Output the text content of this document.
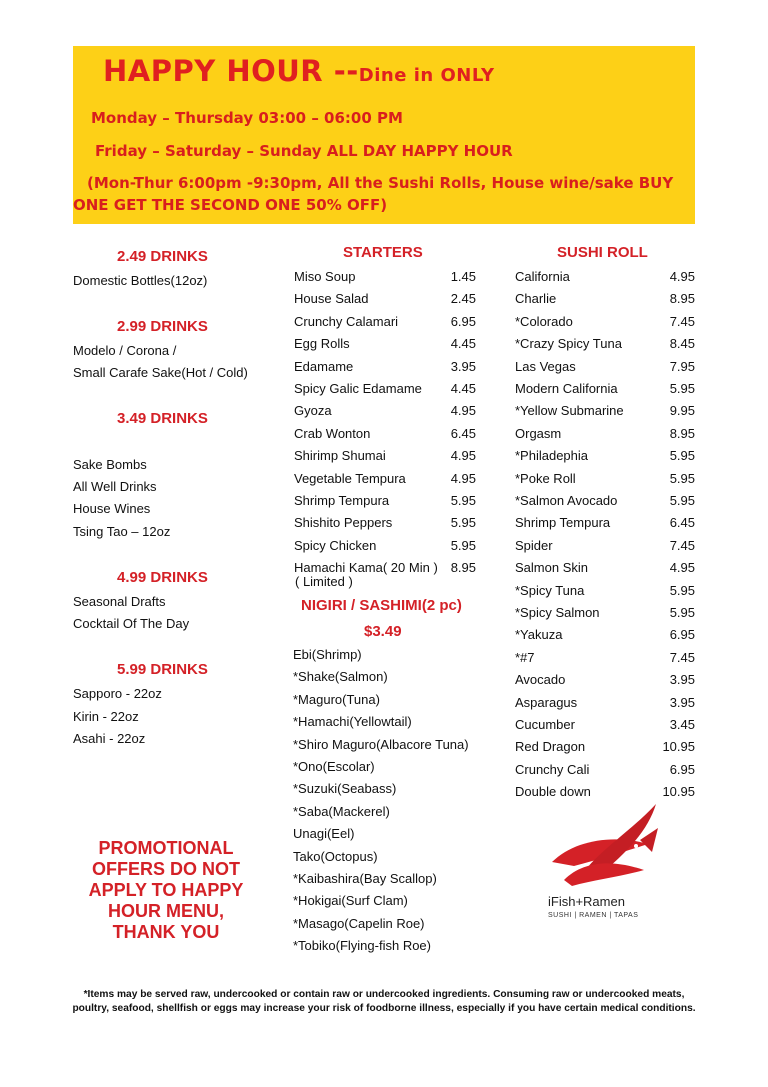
HAPPY HOUR --Dine in ONLY
Monday – Thursday 03:00 – 06:00 PM
Friday – Saturday – Sunday ALL DAY HAPPY HOUR
(Mon-Thur 6:00pm -9:30pm, All the Sushi Rolls, House wine/sake BUY
ONE GET THE SECOND ONE 50% OFF)
2.49 DRINKS
Domestic Bottles(12oz)
2.99 DRINKS
Modelo / Corona /
Small Carafe Sake(Hot / Cold)
3.49 DRINKS
Sake Bombs
All Well Drinks
House Wines
Tsing Tao – 12oz
4.99 DRINKS
Seasonal Drafts
Cocktail Of The Day
5.99 DRINKS
Sapporo - 22oz
Kirin - 22oz
Asahi - 22oz
PROMOTIONAL
OFFERS DO NOT
APPLY TO HAPPY
HOUR MENU,
THANK YOU
STARTERS
Miso Soup	1.45
House Salad	2.45
Crunchy Calamari	6.95
Egg Rolls	4.45
Edamame	3.95
Spicy Galic Edamame 4.45
Gyoza	4.95
Crab Wonton	6.45
Shirimp Shumai	4.95
Vegetable Tempura	4.95
Shrimp Tempura	5.95
Shishito Peppers	5.95
Spicy Chicken	5.95
Hamachi Kama( 20 Min ) 8.95
( Limited )
NIGIRI / SASHIMI(2 pc)
$3.49
Ebi(Shrimp)
*Shake(Salmon)
*Maguro(Tuna)
*Hamachi(Yellowtail)
*Shiro Maguro(Albacore Tuna)
*Ono(Escolar)
*Suzuki(Seabass)
*Saba(Mackerel)
Unagi(Eel)
Tako(Octopus)
*Kaibashira(Bay Scallop)
*Hokigai(Surf Clam)
*Masago(Capelin Roe)
*Tobiko(Flying-fish Roe)
SUSHI ROLL
California	4.95
Charlie	8.95
*Colorado	7.45
*Crazy Spicy Tuna	8.45
Las Vegas	7.95
Modern California	5.95
*Yellow Submarine	9.95
Orgasm	8.95
*Philadephia	5.95
*Poke Roll	5.95
*Salmon Avocado	5.95
Shrimp Tempura	6.45
Spider	7.45
Salmon Skin	4.95
*Spicy Tuna	5.95
*Spicy Salmon	5.95
*Yakuza	6.95
*#7	7.45
Avocado	3.95
Asparagus	3.95
Cucumber	3.45
Red Dragon	10.95
Crunchy Cali	6.95
Double down	10.95
iFish+Ramen
SUSHI | RAMEN | TAPAS
*Items may be served raw, undercooked or contain raw or undercooked ingredients. Consuming raw or undercooked meats,
poultry, seafood, shellfish or eggs may increase your risk of foodborne illness, especially if you have certain medical conditions.
